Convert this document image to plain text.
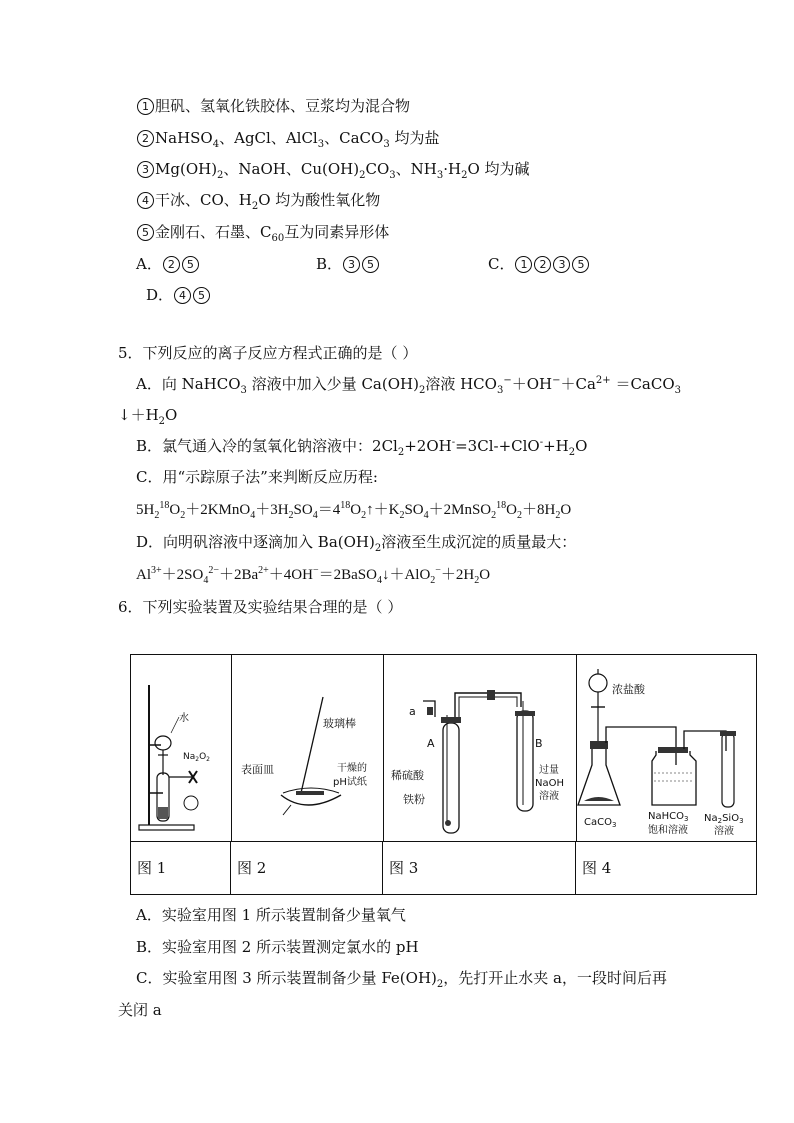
1 胆矾、氢氧化铁胶体、豆浆均为混合物
2 NaHSO$_4$、AgCl、AlCl$_3$、CaCO$_3$ 均为盐
3 $Mg(OH)_2$、NaOH、$Cu(OH)_2CO_3$、$NH_3\cdot H_2O$ 均为碱
4 干冰、CO、$H_2O$ 均为酸性氧化物
5 金刚石、石墨、$C_{60}$互为同素异形体
A． 2 5	B． 3 5	C． 1 2 3 5
D． 4 5
5．下列反应的离子反应方程式正确的是（ ）
A．向 NaHCO$_3$ 溶液中加入少量 $Ca(OH)_2$溶液 $HCO_3^-+OH^-+Ca^{2+}$ ＝CaCO$_3$
$↓+H_2O$
B．氯气通入冷的氢氧化钠溶液中：$2Cl_2+2OH^-=3Cl-+ClO^-+H_2O$
C．用“示踪原子法”来判断反应历程:
$5H_2^{18}O_2+2KMnO_4+3H_2SO_4=4^{18}O_2↑+K_2SO_4+2MnSO_2^{18}O_2+8H_2O$
D．向明矾溶液中逐滴加入 $Ba(OH)_2$溶液至生成沉淀的质量最大：
$Al^{3+}+2SO_4^{2-}+2Ba^{2+}+4OH^-=2BaSO_4↓+AlO_2^-+2H_2O$
6．下列实验装置及实验结果合理的是（ ）
水
$Na_2O_2$
玻璃棒
表面皿	干燥的
pH试纸
a
A	B
稀硫酸
铁粉
过量
NaOH
溶液
浓盐酸
CaCO$_3$
NaHCO$_3$
饱和溶液
$Na_2SiO_3$
溶液
图 1	图 2	图 3	图 4
A．实验室用图 1 所示装置制备少量氧气
B．实验室用图 2 所示装置测定氯水的 pH
C．实验室用图 3 所示装置制备少量 $Fe(OH)_2$，先打开止水夹 a，一段时间后再
关闭 a
